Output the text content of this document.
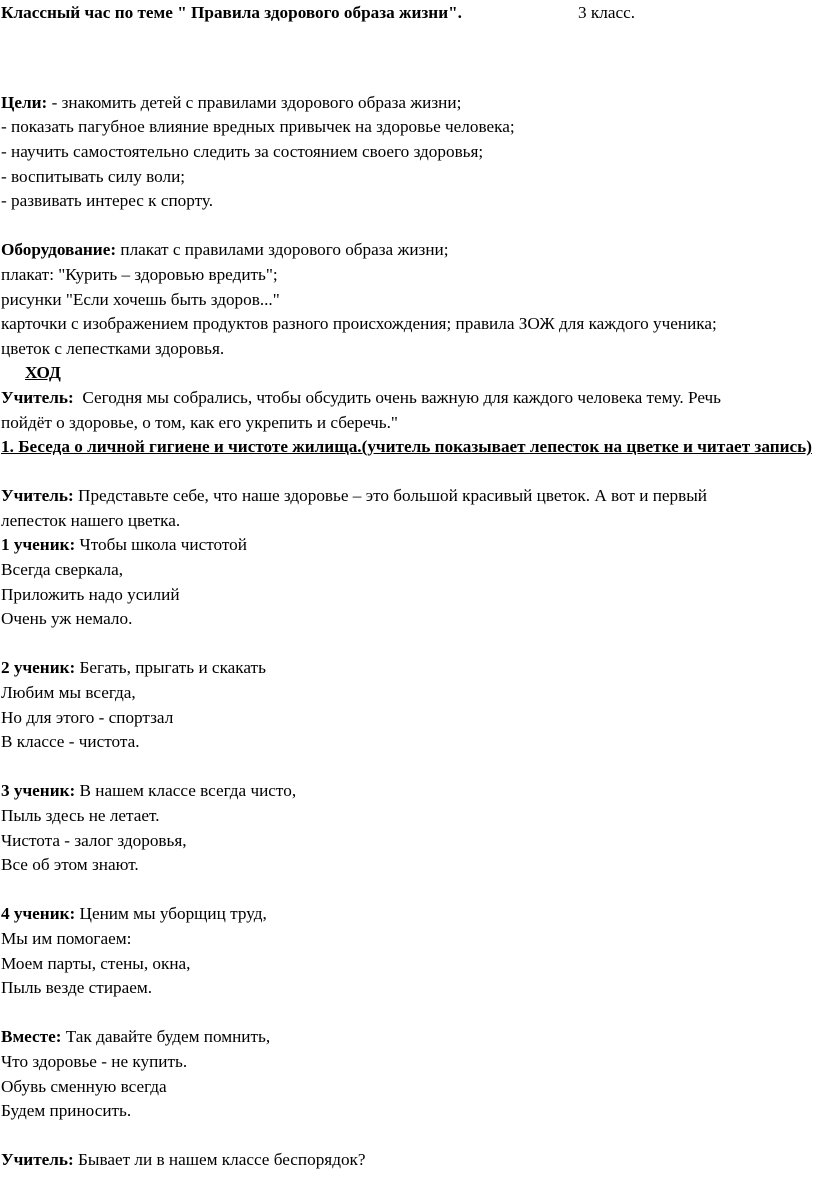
Классный час по теме " Правила здорового образа жизни".	3 класс.
Цели: - знакомить детей с правилами здорового образа жизни;
- показать пагубное влияние вредных привычек на здоровье человека;
- научить самостоятельно следить за состоянием своего здоровья;
- воспитывать силу воли;
- развивать интерес к спорту.
Оборудование: плакат с правилами здорового образа жизни;
плакат: "Курить – здоровью вредить";
рисунки "Если хочешь быть здоров..."
карточки с изображением продуктов разного происхождения; правила ЗОЖ для каждого ученика;
цветок с лепестками здоровья.
ХОД
Учитель:  Сегодня мы собрались, чтобы обсудить очень важную для каждого человека тему. Речь
пойдёт о здоровье, о том, как его укрепить и сберечь."
1. Беседа о личной гигиене и чистоте жилища.(учитель показывает лепесток на цветке и читает запись)
Учитель: Представьте себе, что наше здоровье – это большой красивый цветок. А вот и первый
лепесток нашего цветка.
1 ученик: Чтобы школа чистотой
Всегда сверкала,
Приложить надо усилий
Очень уж немало.
2 ученик: Бегать, прыгать и скакать
Любим мы всегда,
Но для этого - спортзал
В классе - чистота.
3 ученик: В нашем классе всегда чисто,
Пыль здесь не летает.
Чистота - залог здоровья,
Все об этом знают.
4 ученик: Ценим мы уборщиц труд,
Мы им помогаем:
Моем парты, стены, окна,
Пыль везде стираем.
Вместе: Так давайте будем помнить,
Что здоровье - не купить.
Обувь сменную всегда
Будем приносить.
Учитель: Бывает ли в нашем классе беспорядок?
